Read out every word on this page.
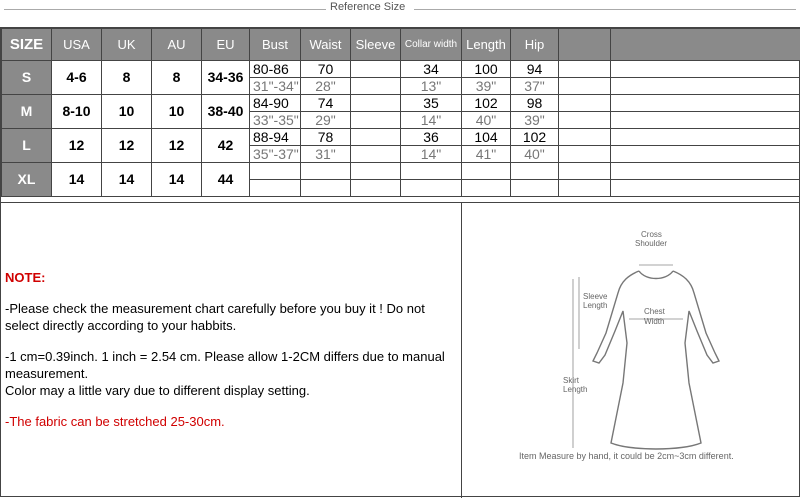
Reference Size
SIZE	USA	UK	AU	EU	Bust	Waist	Sleeve	Collar width	Length	Hip		
S	4-6	8	8	34-36	80-86	70		34	100	94		
					31"-34"	28"		13"	39"	37"		
M	8-10	10	10	38-40	84-90	74		35	102	98		
					33"-35"	29"		14"	40"	39"		
L	12	12	12	42	88-94	78		36	104	102		
					35"-37"	31"		14"	41"	40"		
XL	14	14	14	44								

NOTE:

-Please check the measurement chart carefully before you buy it ! Do not select directly according to your habbits.

-1 cm=0.39inch. 1 inch = 2.54 cm. Please allow 1-2CM differs due to manual measurement.

Color may a little vary due to different display setting.

-The fabric can be stretched 25-30cm.

Cross
Shoulder
Sleeve
Length
Chest
Width
Skirt
Length
Item Measure by hand, it could be 2cm~3cm different.
